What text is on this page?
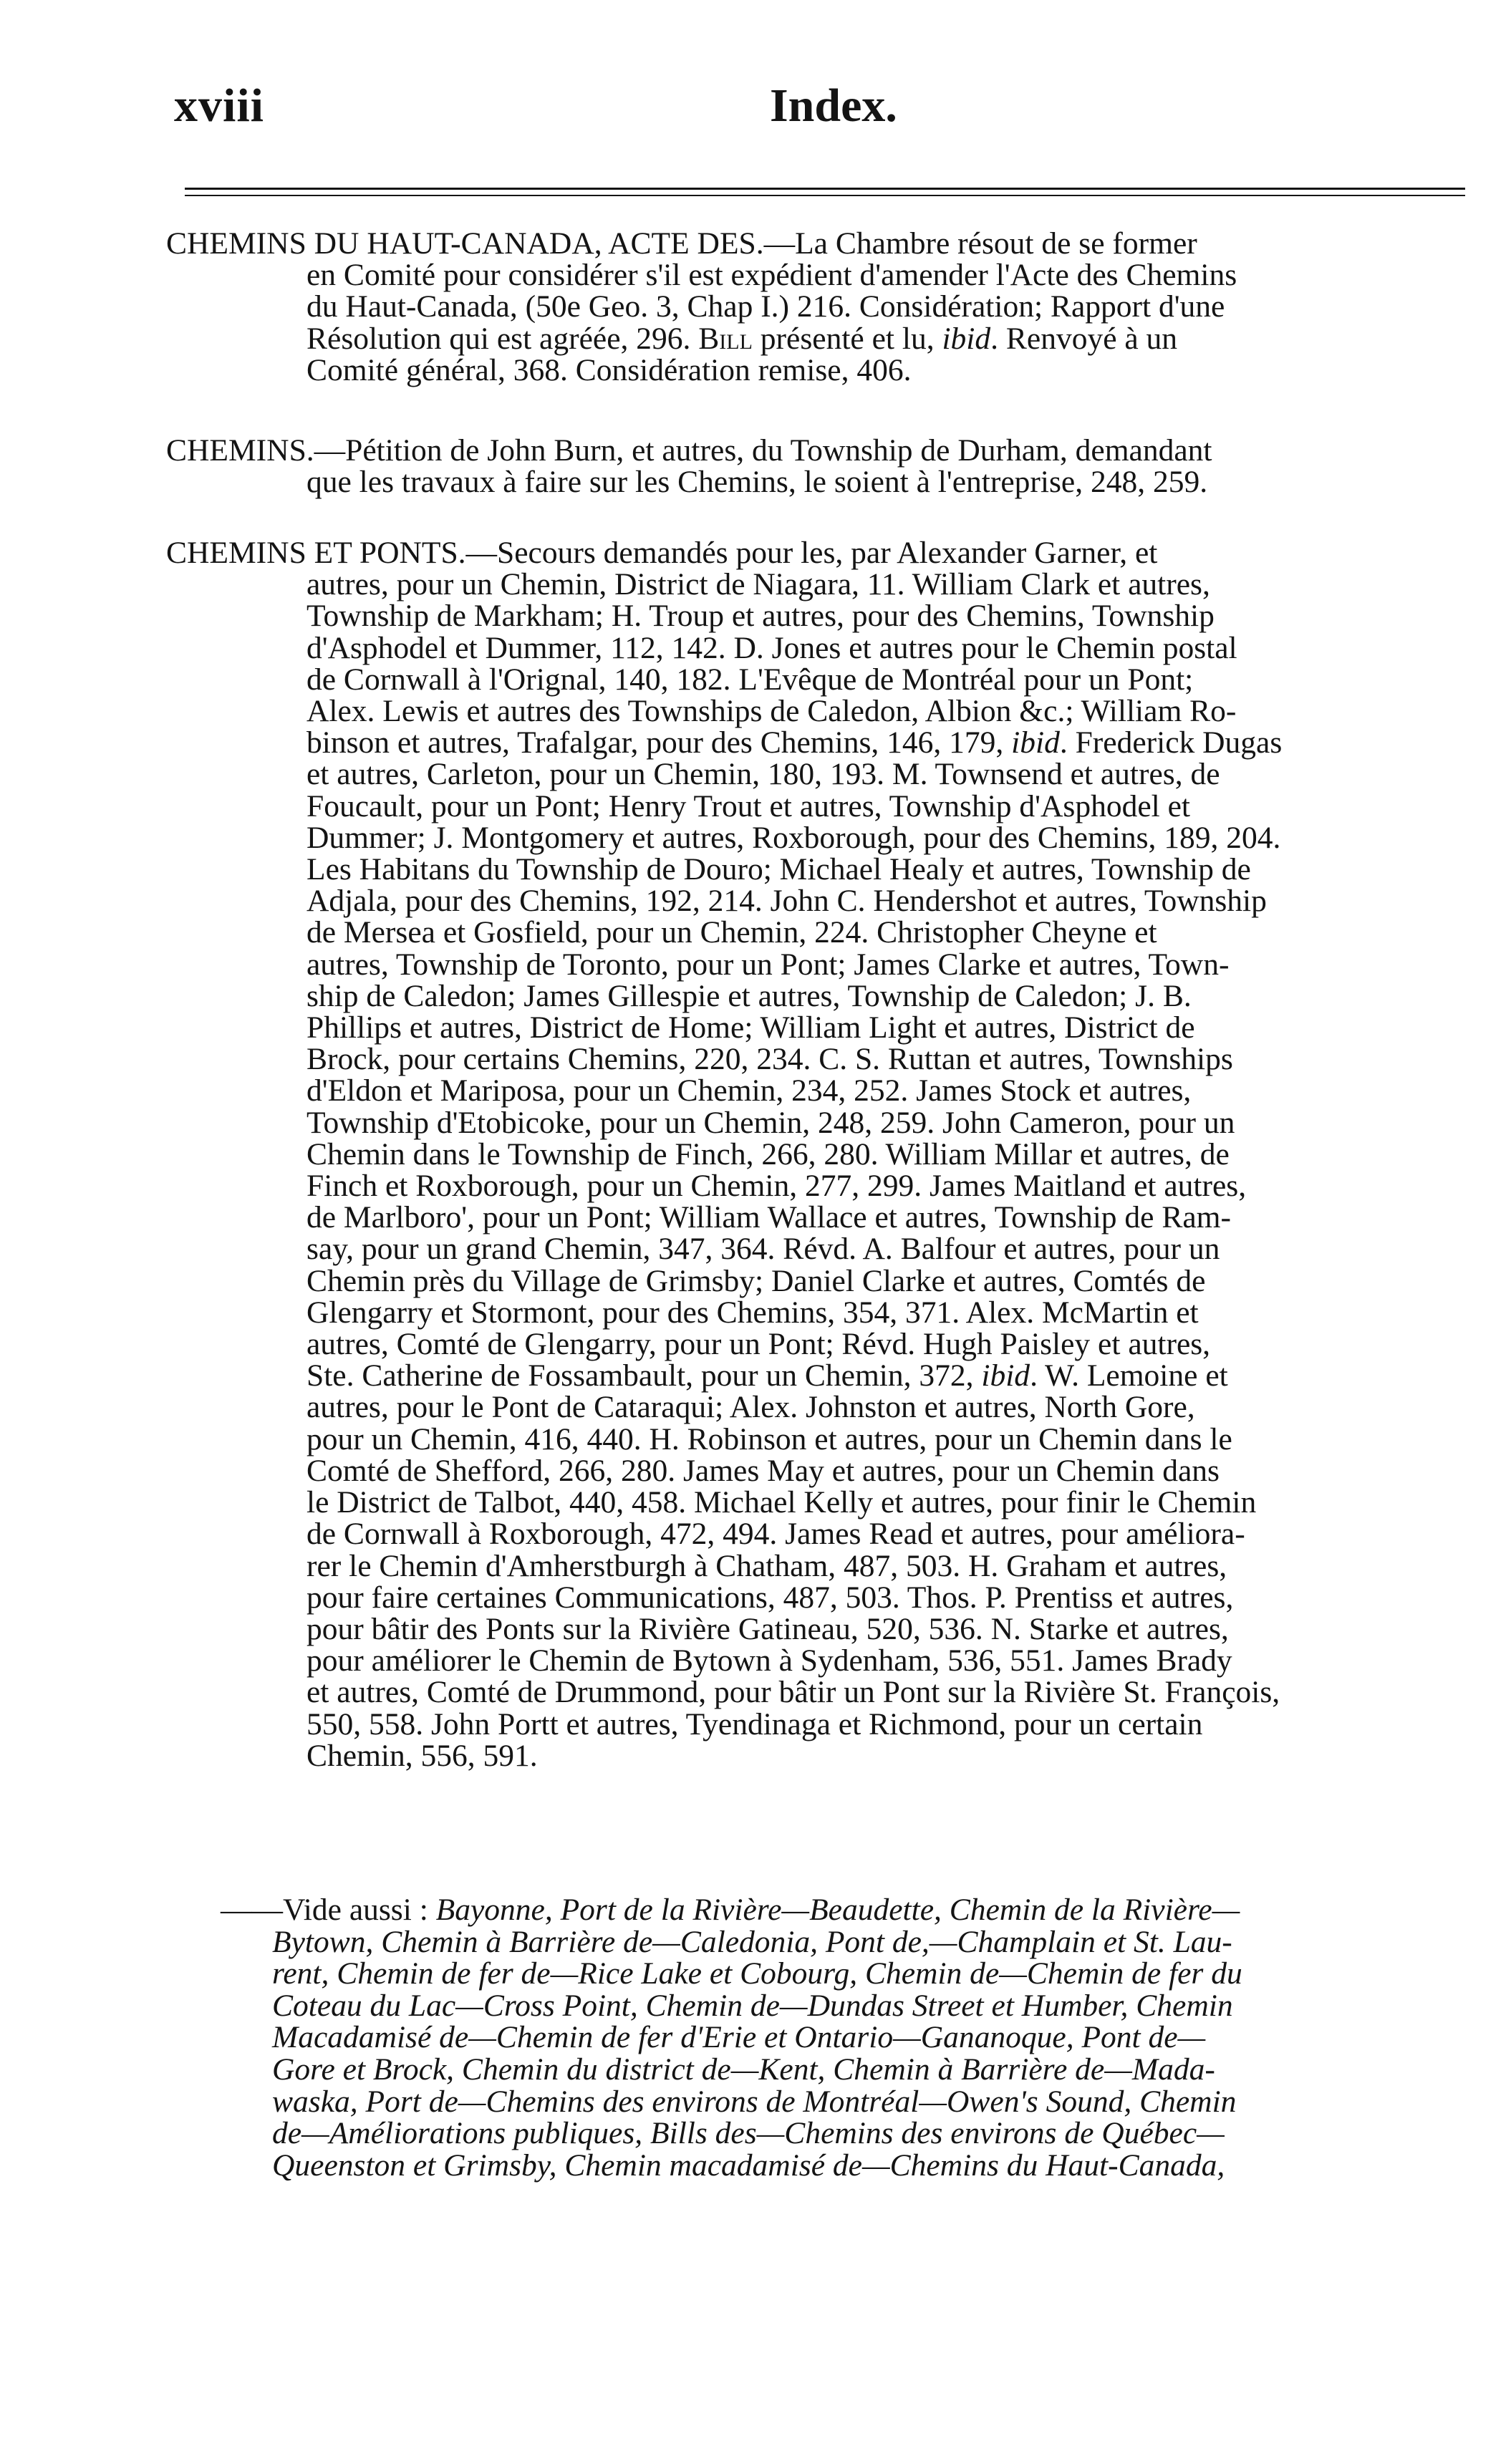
xviii	Index.
CHEMINS DU HAUT-CANADA, ACTE DES.—La Chambre résout de se former
en Comité pour considérer s'il est expédient d'amender l'Acte des Chemins
du Haut-Canada, (50e Geo. 3, Chap I.) 216. Considération; Rapport d'une
Résolution qui est agréée, 296. Bill présenté et lu, ibid. Renvoyé à un
Comité général, 368. Considération remise, 406.
CHEMINS.—Pétition de John Burn, et autres, du Township de Durham, demandant
que les travaux à faire sur les Chemins, le soient à l'entreprise, 248, 259.
CHEMINS ET PONTS.—Secours demandés pour les, par Alexander Garner, et
autres, pour un Chemin, District de Niagara, 11. William Clark et autres,
Township de Markham; H. Troup et autres, pour des Chemins, Township
d'Asphodel et Dummer, 112, 142. D. Jones et autres pour le Chemin postal
de Cornwall à l'Orignal, 140, 182. L'Evêque de Montréal pour un Pont;
Alex. Lewis et autres des Townships de Caledon, Albion &c.; William Ro-
binson et autres, Trafalgar, pour des Chemins, 146, 179, ibid. Frederick Dugas
et autres, Carleton, pour un Chemin, 180, 193. M. Townsend et autres, de
Foucault, pour un Pont; Henry Trout et autres, Township d'Asphodel et
Dummer; J. Montgomery et autres, Roxborough, pour des Chemins, 189, 204.
Les Habitans du Township de Douro; Michael Healy et autres, Township de
Adjala, pour des Chemins, 192, 214. John C. Hendershot et autres, Township
de Mersea et Gosfield, pour un Chemin, 224. Christopher Cheyne et
autres, Township de Toronto, pour un Pont; James Clarke et autres, Town-
ship de Caledon; James Gillespie et autres, Township de Caledon; J. B.
Phillips et autres, District de Home; William Light et autres, District de
Brock, pour certains Chemins, 220, 234. C. S. Ruttan et autres, Townships
d'Eldon et Mariposa, pour un Chemin, 234, 252. James Stock et autres,
Township d'Etobicoke, pour un Chemin, 248, 259. John Cameron, pour un
Chemin dans le Township de Finch, 266, 280. William Millar et autres, de
Finch et Roxborough, pour un Chemin, 277, 299. James Maitland et autres,
de Marlboro', pour un Pont; William Wallace et autres, Township de Ram-
say, pour un grand Chemin, 347, 364. Révd. A. Balfour et autres, pour un
Chemin près du Village de Grimsby; Daniel Clarke et autres, Comtés de
Glengarry et Stormont, pour des Chemins, 354, 371. Alex. McMartin et
autres, Comté de Glengarry, pour un Pont; Révd. Hugh Paisley et autres,
Ste. Catherine de Fossambault, pour un Chemin, 372, ibid. W. Lemoine et
autres, pour le Pont de Cataraqui; Alex. Johnston et autres, North Gore,
pour un Chemin, 416, 440. H. Robinson et autres, pour un Chemin dans le
Comté de Shefford, 266, 280. James May et autres, pour un Chemin dans
le District de Talbot, 440, 458. Michael Kelly et autres, pour finir le Chemin
de Cornwall à Roxborough, 472, 494. James Read et autres, pour améliora-
rer le Chemin d'Amherstburgh à Chatham, 487, 503. H. Graham et autres,
pour faire certaines Communications, 487, 503. Thos. P. Prentiss et autres,
pour bâtir des Ponts sur la Rivière Gatineau, 520, 536. N. Starke et autres,
pour améliorer le Chemin de Bytown à Sydenham, 536, 551. James Brady
et autres, Comté de Drummond, pour bâtir un Pont sur la Rivière St. François,
550, 558. John Portt et autres, Tyendinaga et Richmond, pour un certain
Chemin, 556, 591.
——Vide aussi : Bayonne, Port de la Rivière—Beaudette, Chemin de la Rivière—
Bytown, Chemin à Barrière de—Caledonia, Pont de,—Champlain et St. Lau-
rent, Chemin de fer de—Rice Lake et Cobourg, Chemin de—Chemin de fer du
Coteau du Lac—Cross Point, Chemin de—Dundas Street et Humber, Chemin
Macadamisé de—Chemin de fer d'Erie et Ontario—Gananoque, Pont de—
Gore et Brock, Chemin du district de—Kent, Chemin à Barrière de—Mada-
waska, Port de—Chemins des environs de Montréal—Owen's Sound, Chemin
de—Améliorations publiques, Bills des—Chemins des environs de Québec—
Queenston et Grimsby, Chemin macadamisé de—Chemins du Haut-Canada,
